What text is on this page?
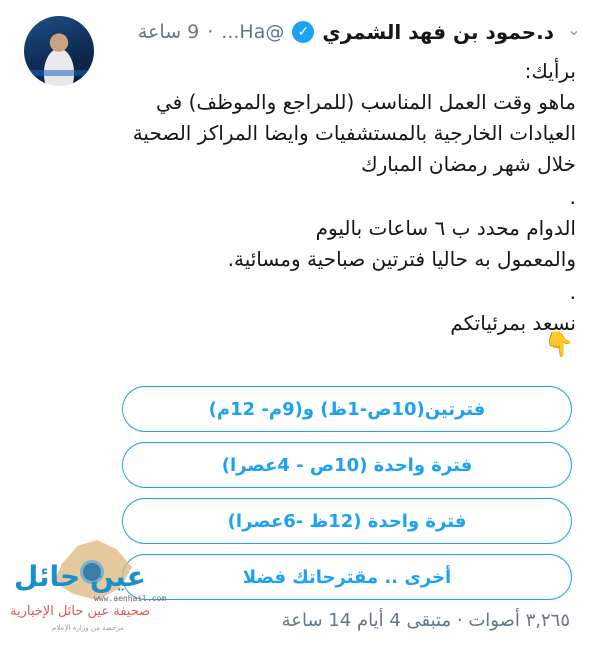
د.حمود بن فهد الشمري
✓
@Ha...
·
9 ساعة	⌄

برأيك:

ماهو وقت العمل المناسب (للمراجع والموظف) في

العيادات الخارجية بالمستشفيات وايضا المراكز الصحية

خلال شهر رمضان المبارك

.

الدوام محدد ب ٦ ساعات باليوم

والمعمول به حاليا فترتين صباحية ومسائية.

.

نسعد بمرئياتكم

👇
فترتين(10ص-1ظ) و(9م- 12م)
فترة واحدة (10ص - 4عصرا)
فترة واحدة (12ظ -6عصرا)
أخرى .. مقترحاتك فضلا
٣,٢٦٥ أصوات · متبقى 4 أيام 14 ساعة
عين حائل
www.aenhail.com
صحيفة عين حائل الإخبارية
مرخصة من وزارة الإعلام
